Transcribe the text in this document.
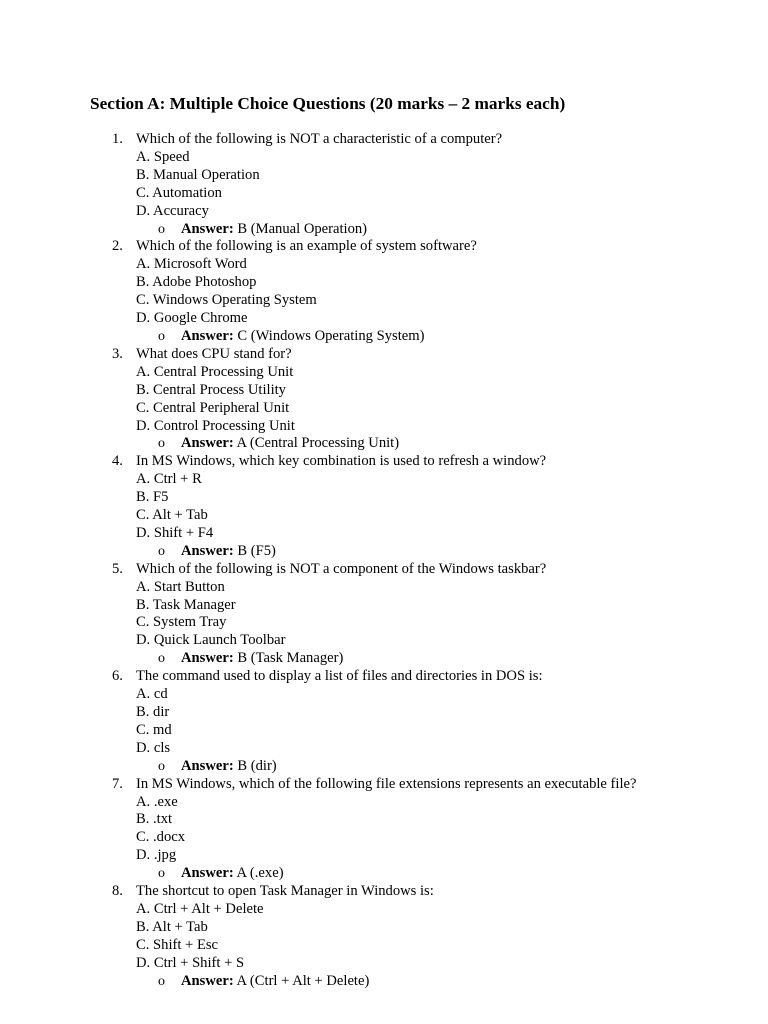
Section A: Multiple Choice Questions (20 marks – 2 marks each)
1. Which of the following is NOT a characteristic of a computer?
A. Speed
B. Manual Operation
C. Automation
D. Accuracy
o Answer: B (Manual Operation)
2. Which of the following is an example of system software?
A. Microsoft Word
B. Adobe Photoshop
C. Windows Operating System
D. Google Chrome
o Answer: C (Windows Operating System)
3. What does CPU stand for?
A. Central Processing Unit
B. Central Process Utility
C. Central Peripheral Unit
D. Control Processing Unit
o Answer: A (Central Processing Unit)
4. In MS Windows, which key combination is used to refresh a window?
A. Ctrl + R
B. F5
C. Alt + Tab
D. Shift + F4
o Answer: B (F5)
5. Which of the following is NOT a component of the Windows taskbar?
A. Start Button
B. Task Manager
C. System Tray
D. Quick Launch Toolbar
o Answer: B (Task Manager)
6. The command used to display a list of files and directories in DOS is:
A. cd
B. dir
C. md
D. cls
o Answer: B (dir)
7. In MS Windows, which of the following file extensions represents an executable file?
A. .exe
B. .txt
C. .docx
D. .jpg
o Answer: A (.exe)
8. The shortcut to open Task Manager in Windows is:
A. Ctrl + Alt + Delete
B. Alt + Tab
C. Shift + Esc
D. Ctrl + Shift + S
o Answer: A (Ctrl + Alt + Delete)
